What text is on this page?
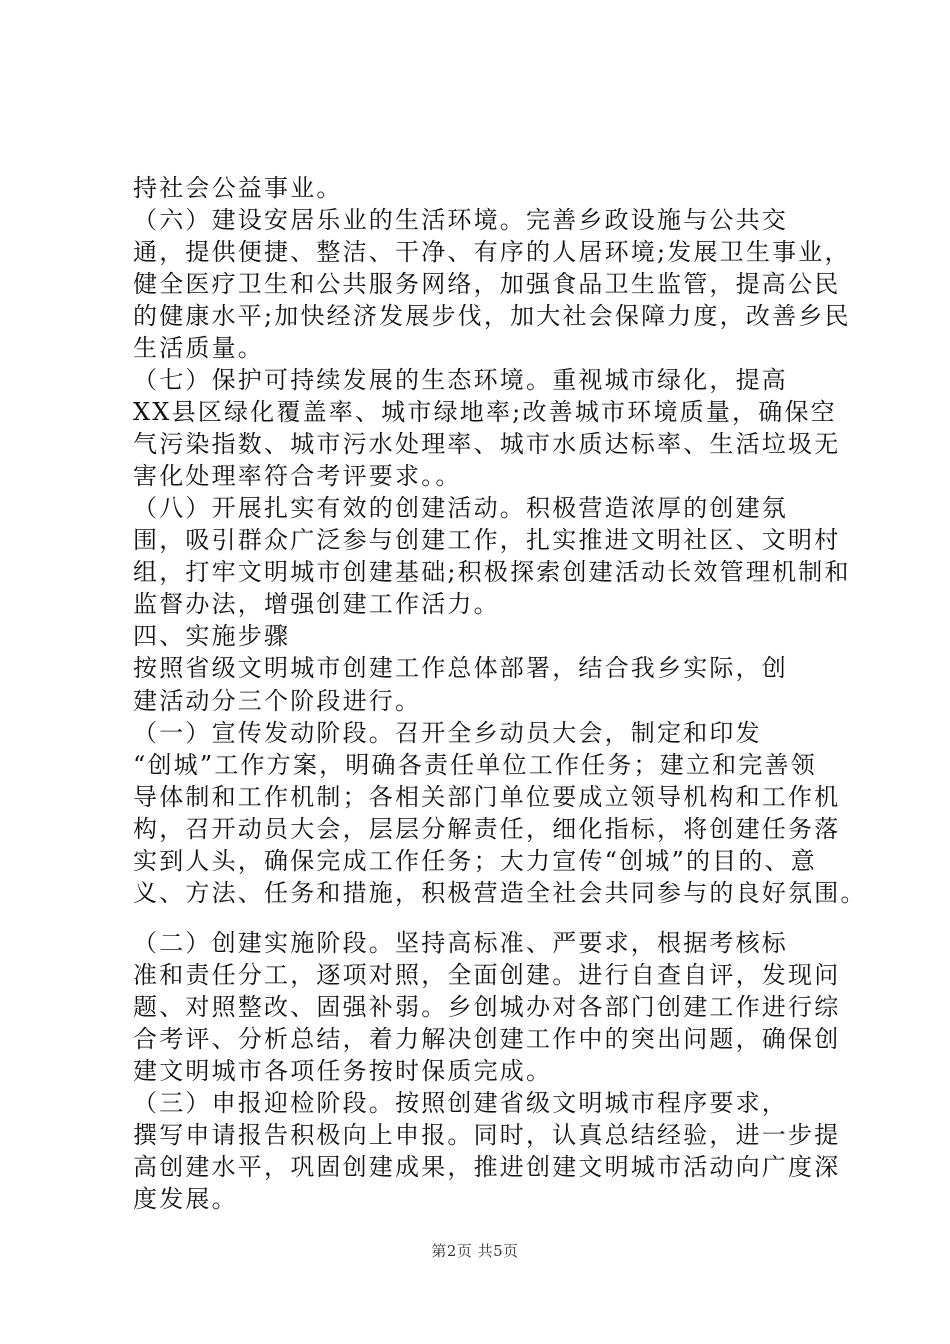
持社会公益事业。
（六）建设安居乐业的生活环境。完善乡政设施与公共交
通，提供便捷、整洁、干净、有序的人居环境;发展卫生事业，
健全医疗卫生和公共服务网络，加强食品卫生监管，提高公民
的健康水平;加快经济发展步伐，加大社会保障力度，改善乡民
生活质量。
（七）保护可持续发展的生态环境。重视城市绿化，提高
XX县区绿化覆盖率、城市绿地率;改善城市环境质量，确保空
气污染指数、城市污水处理率、城市水质达标率、生活垃圾无
害化处理率符合考评要求。。
（八）开展扎实有效的创建活动。积极营造浓厚的创建氛
围，吸引群众广泛参与创建工作，扎实推进文明社区、文明村
组，打牢文明城市创建基础;积极探索创建活动长效管理机制和
监督办法，增强创建工作活力。
四、实施步骤
按照省级文明城市创建工作总体部署，结合我乡实际，创
建活动分三个阶段进行。
（一）宣传发动阶段。召开全乡动员大会，制定和印发
“创城”工作方案，明确各责任单位工作任务；建立和完善领
导体制和工作机制；各相关部门单位要成立领导机构和工作机
构，召开动员大会，层层分解责任，细化指标，将创建任务落
实到人头，确保完成工作任务；大力宣传“创城”的目的、意
义、方法、任务和措施，积极营造全社会共同参与的良好氛围。
（二）创建实施阶段。坚持高标准、严要求，根据考核标
准和责任分工，逐项对照，全面创建。进行自查自评，发现问
题、对照整改、固强补弱。乡创城办对各部门创建工作进行综
合考评、分析总结，着力解决创建工作中的突出问题，确保创
建文明城市各项任务按时保质完成。
（三）申报迎检阶段。按照创建省级文明城市程序要求，
撰写申请报告积极向上申报。同时，认真总结经验，进一步提
高创建水平，巩固创建成果，推进创建文明城市活动向广度深
度发展。
第2页 共5页
